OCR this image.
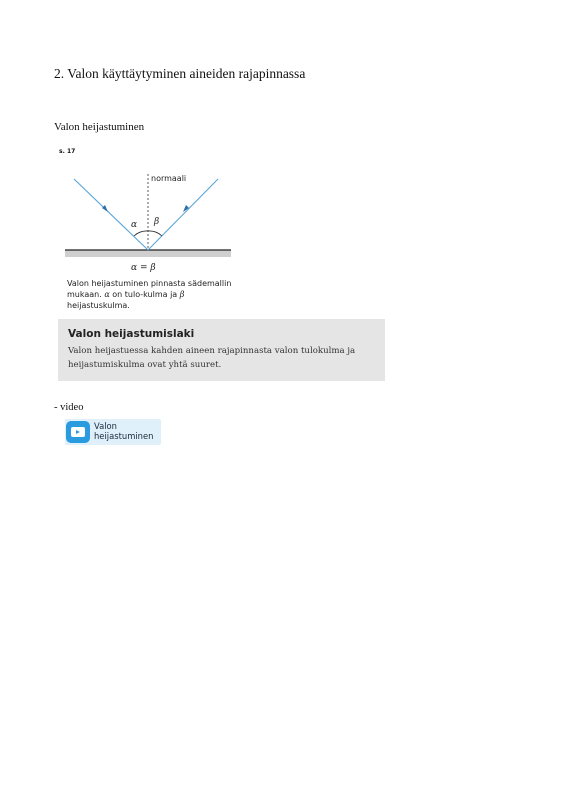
2. Valon käyttäytyminen aineiden rajapinnassa
Valon heijastuminen
s. 17
normaali
α β
α = β
Valon heijastuminen pinnasta sädemallin mukaan. α on tulo-kulma ja β heijastuskulma.
Valon heijastumislaki
Valon heijastuessa kahden aineen rajapinnasta valon tulokulma ja heijastumiskulma ovat yhtä suuret.
- video
Valon
heijastuminen
